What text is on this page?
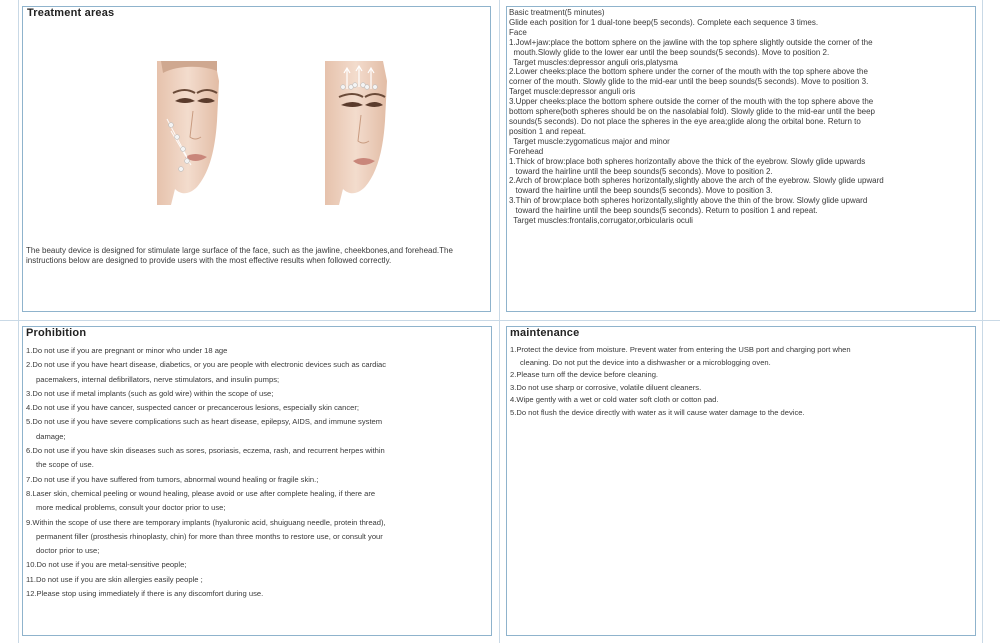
Treatment areas
The beauty device is designed for stimulate large surface of the face, such as the jawline, cheekbones,and forehead.The instructions below are designed to provide users with the most effective results when followed correctly.
Basic treatment(5 minutes)
Glide each position for 1 dual-tone beep(5 seconds). Complete each sequence 3 times.
Face
1.Jowl+jaw:place the bottom sphere on the jawline with the top sphere slightly outside the corner of the
mouth.Slowly glide to the lower ear until the beep sounds(5 seconds). Move to position 2.
Target muscles:depressor anguli oris,platysma
2.Lower cheeks:place the bottom sphere under the corner of the mouth with the top sphere above the
corner of the mouth. Slowly glide to the mid-ear until the beep sounds(5 seconds). Move to position 3.
Target muscle:depressor anguli oris
3.Upper cheeks:place the bottom sphere outside the corner of the mouth with the top sphere above the
bottom sphere(both spheres should be on the nasolabial fold). Slowly glide to the mid-ear until the beep
sounds(5 seconds). Do not place the spheres in the eye area;glide along the orbital bone. Return to
position 1 and repeat.
Target muscle:zygomaticus major and minor
Forehead
1.Thick of brow:place both spheres horizontally above the thick of the eyebrow. Slowly glide upwards
toward the hairline until the beep sounds(5 seconds). Move to position 2.
2.Arch of brow:place both spheres horizontally,slightly above the arch of the eyebrow. Slowly glide upward
toward the hairline until the beep sounds(5 seconds). Move to position 3.
3.Thin of brow:place both spheres horizontally,slightly above the thin of the brow. Slowly glide upward
toward the hairline until the beep sounds(5 seconds). Return to position 1 and repeat.
Target muscles:frontalis,corrugator,orbicularis oculi
Prohibition
1.Do not use if you are pregnant or minor who under 18 age
2.Do not use if you have heart disease, diabetics, or you are people with electronic devices such as cardiac
pacemakers, internal defibrillators, nerve stimulators, and insulin pumps;
3.Do not use if metal implants (such as gold wire) within the scope of use;
4.Do not use if you have cancer, suspected cancer or precancerous lesions, especially skin cancer;
5.Do not use if you have severe complications such as heart disease, epilepsy, AIDS, and immune system
damage;
6.Do not use if you have skin diseases such as sores, psoriasis, eczema, rash, and recurrent herpes within
the scope of use.
7.Do not use if you have suffered from tumors, abnormal wound healing or fragile skin.;
8.Laser skin, chemical peeling or wound healing, please avoid or use after complete healing, if there are
more medical problems, consult your doctor prior to use;
9.Within the scope of use there are temporary implants (hyaluronic acid, shuiguang needle, protein thread),
permanent filler (prosthesis rhinoplasty, chin) for more than three months to restore use, or consult your
doctor prior to use;
10.Do not use if you are metal-sensitive people;
11.Do not use if you are skin allergies easily people ;
12.Please stop using immediately if there is any discomfort during use.
maintenance
1.Protect the device from moisture. Prevent water from entering the USB port and charging port when
cleaning. Do not put the device into a dishwasher or a microblogging oven.
2.Please turn off the device before cleaning.
3.Do not use sharp or corrosive, volatile diluent cleaners.
4.Wipe gently with a wet or cold water soft cloth or cotton pad.
5.Do not flush the device directly with water as it will cause water damage to the device.
